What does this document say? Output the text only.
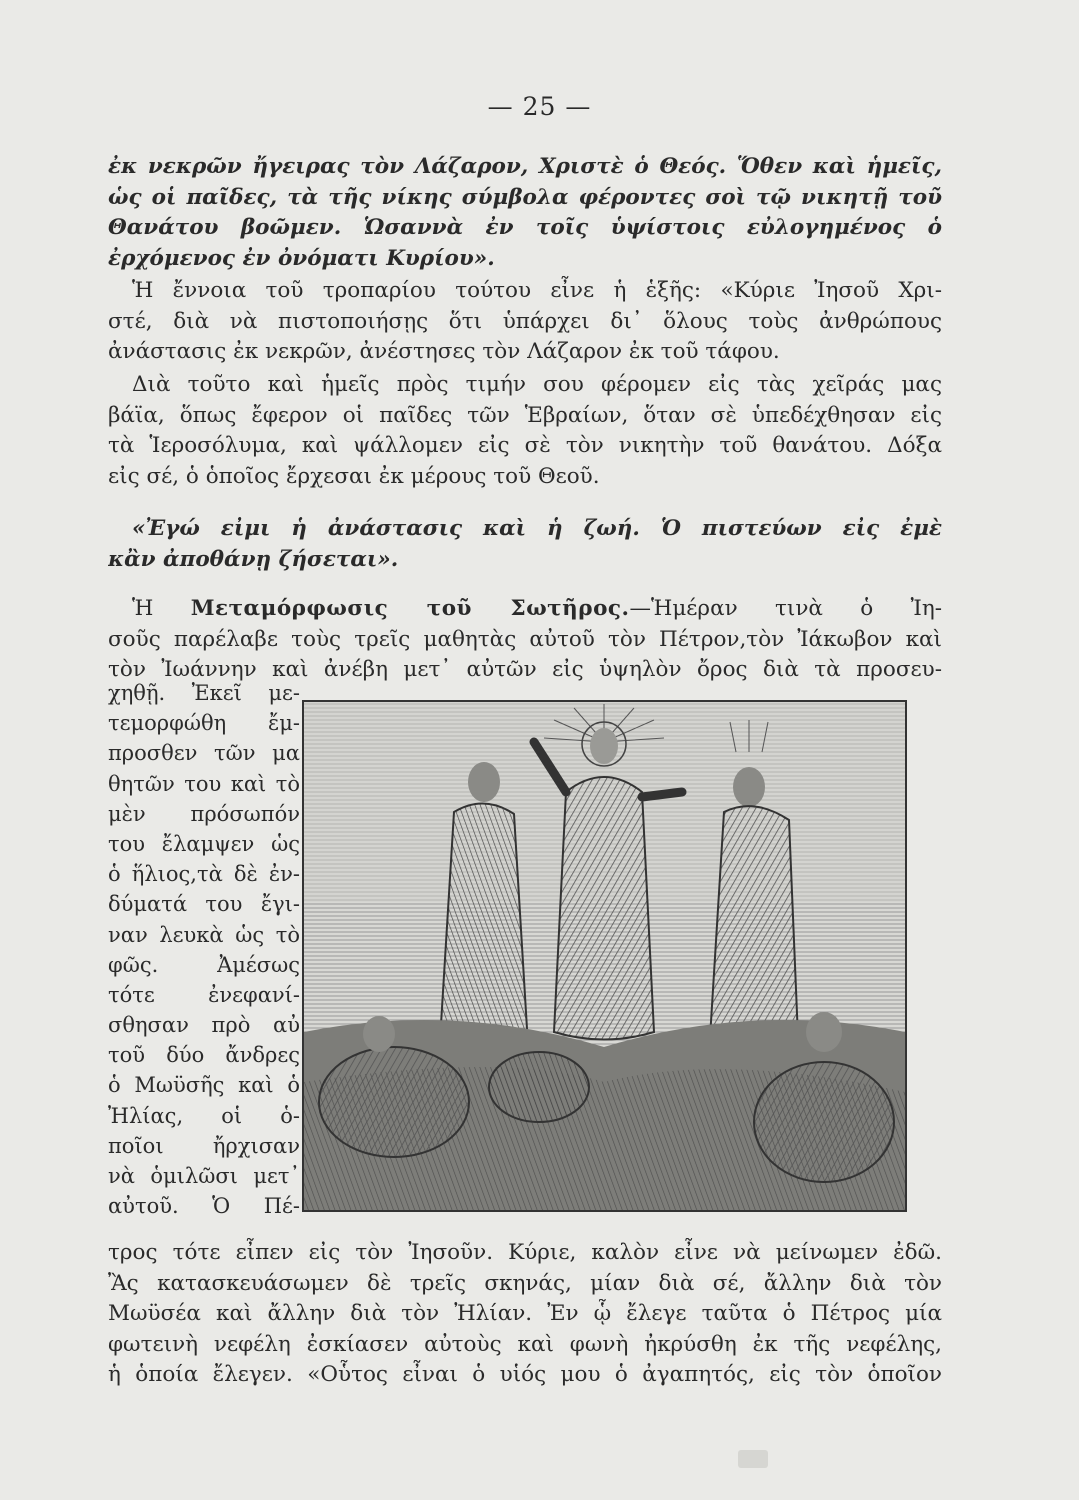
— 25 —
ἐκ νεκρῶν ἤγειρας τὸν Λάζαρον, Χριστὲ ὁ Θεός. Ὅθεν καὶ ἡμεῖς,
ὡς οἱ παῖδες, τὰ τῆς νίκης σύμβολα φέροντες σοὶ τῷ νικητῇ τοῦ
Θανάτου βοῶμεν. Ὡσαννὰ ἐν τοῖς ὑψίστοις εὐλογημένος ὁ
ἐρχόμενος ἐν ὀνόματι Κυρίου».
Ἡ ἔννοια τοῦ τροπαρίου τούτου εἶνε ἡ ἑξῆς: «Κύριε Ἰησοῦ Χρι-
στέ, διὰ νὰ πιστοποιήσῃς ὅτι ὑπάρχει δι᾽ ὅλους τοὺς ἀνθρώπους
ἀνάστασις ἐκ νεκρῶν, ἀνέστησες τὸν Λάζαρον ἐκ τοῦ τάφου.
Διὰ τοῦτο καὶ ἡμεῖς πρὸς τιμήν σου φέρομεν εἰς τὰς χεῖράς μας
βάϊα, ὅπως ἔφερον οἱ παῖδες τῶν Ἑβραίων, ὅταν σὲ ὑπεδέχθησαν εἰς
τὰ Ἱεροσόλυμα, καὶ ψάλλομεν εἰς σὲ τὸν νικητὴν τοῦ θανάτου. Δόξα
εἰς σέ, ὁ ὁποῖος ἔρχεσαι ἐκ μέρους τοῦ Θεοῦ.
«Ἐγώ εἰμι ἡ ἀνάστασις καὶ ἡ ζωή. Ὁ πιστεύων εἰς ἐμὲ
κἂν ἀποθάνῃ ζήσεται».
Ἡ Μεταμόρφωσις τοῦ Σωτῆρος.—Ἡμέραν τινὰ ὁ Ἰη-
σοῦς παρέλαβε τοὺς τρεῖς μαθητὰς αὐτοῦ τὸν Πέτρον,τὸν Ἰάκωβον καὶ
τὸν Ἰωάννην καὶ ἀνέβη μετ᾽ αὐτῶν εἰς ὑψηλὸν ὄρος διὰ τὰ προσευ-
χηθῇ. Ἐκεῖ με-
τεμορφώθη ἔμ-
προσθεν τῶν μα
θητῶν του καὶ τὸ
μὲν πρόσωπόν
του ἔλαμψεν ὡς
ὁ ἥλιος,τὰ δὲ ἐν-
δύματά του ἔγι-
ναν λευκὰ ὡς τὸ
φῶς. Ἀμέσως
τότε ἐνεφανί-
σθησαν πρὸ αὐ
τοῦ δύο ἄνδρες
ὁ Μωϋσῆς καὶ ὁ
Ἠλίας, οἱ ὁ-
ποῖοι ἤρχισαν
νὰ ὁμιλῶσι μετ᾽
αὐτοῦ. Ὁ Πέ-
τρος τότε εἶπεν εἰς τὸν Ἰησοῦν. Κύριε, καλὸν εἶνε νὰ μείνωμεν ἐδῶ.
Ἂς κατασκευάσωμεν δὲ τρεῖς σκηνάς, μίαν διὰ σέ, ἄλλην διὰ τὸν
Μωϋσέα καὶ ἄλλην διὰ τὸν Ἠλίαν. Ἐν ᾧ ἔλεγε ταῦτα ὁ Πέτρος μία
φωτεινὴ νεφέλη ἐσκίασεν αὐτοὺς καὶ φωνὴ ἠκρύσθη ἐκ τῆς νεφέλης,
ἡ ὁποία ἔλεγεν. «Οὗτος εἶναι ὁ υἱός μου ὁ ἀγαπητός, εἰς τὸν ὁποῖον
